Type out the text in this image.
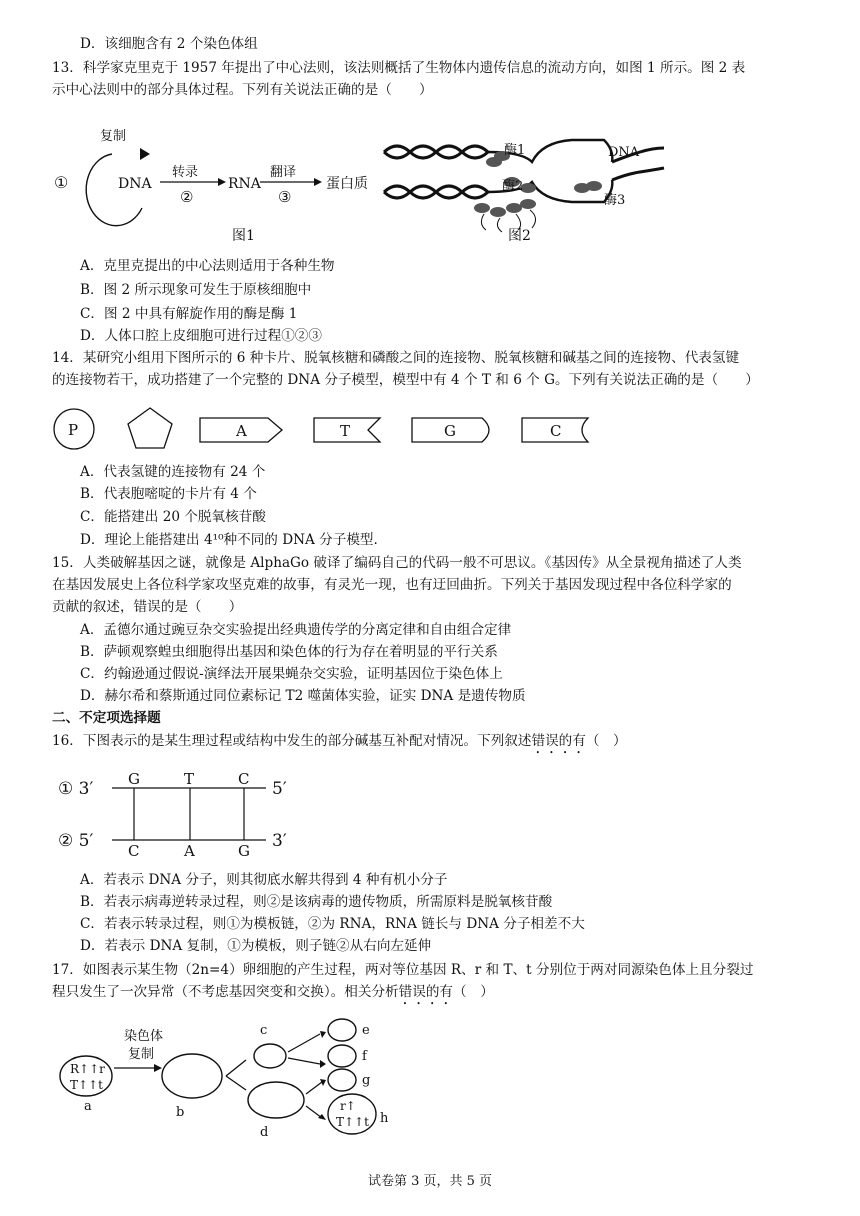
D．该细胞含有 2 个染色体组
13．科学家克里克于 1957 年提出了中心法则，该法则概括了生物体内遗传信息的流动方向，如图 1 所示。图 2 表
示中心法则中的部分具体过程。下列有关说法正确的是（　　）
复制
①	DNA
转录
②
RNA
翻译
③
蛋白质
图1
酶1
酶2
酶3
DNA
图2
A．克里克提出的中心法则适用于各种生物
B．图 2 所示现象可发生于原核细胞中
C．图 2 中具有解旋作用的酶是酶 1
D．人体口腔上皮细胞可进行过程①②③
14．某研究小组用下图所示的 6 种卡片、脱氧核糖和磷酸之间的连接物、脱氧核糖和碱基之间的连接物、代表氢键
的连接物若干，成功搭建了一个完整的 DNA 分子模型，模型中有 4 个 T 和 6 个 G。下列有关说法正确的是（　　）
P	A	T	G	C
A．代表氢键的连接物有 24 个
B．代表胞嘧啶的卡片有 4 个
C．能搭建出 20 个脱氧核苷酸
D．理论上能搭建出 4¹⁰种不同的 DNA 分子模型.
15．人类破解基因之谜，就像是 AlphaGo 破译了编码自己的代码一般不可思议。《基因传》从全景视角描述了人类
在基因发展史上各位科学家攻坚克难的故事，有灵光一现，也有迂回曲折。下列关于基因发现过程中各位科学家的
贡献的叙述，错误的是（　　）
A．孟德尔通过豌豆杂交实验提出经典遗传学的分离定律和自由组合定律
B．萨顿观察蝗虫细胞得出基因和染色体的行为存在着明显的平行关系
C．约翰逊通过假说-演绎法开展果蝇杂交实验，证明基因位于染色体上
D．赫尔希和蔡斯通过同位素标记 T2 噬菌体实验，证实 DNA 是遗传物质
二、不定项选择题
16．下图表示的是某生理过程或结构中发生的部分碱基互补配对情况。下列叙述错误的有（　）
① 3′	5′
② 5′	3′
G	T	C
C	A	G
A．若表示 DNA 分子，则其彻底水解共得到 4 种有机小分子
B．若表示病毒逆转录过程，则②是该病毒的遗传物质，所需原料是脱氧核苷酸
C．若表示转录过程，则①为模板链，②为 RNA，RNA 链长与 DNA 分子相差不大
D．若表示 DNA 复制，①为模板，则子链②从右向左延伸
17．如图表示某生物（2n=4）卵细胞的产生过程，两对等位基因 R、r 和 T、t 分别位于两对同源染色体上且分裂过
程只发生了一次异常（不考虑基因突变和交换）。相关分析错误的有（　）
染色体
复制
R↑↑r
T↑↑t
a	b
c
d
e
f
g
r↑
T↑↑t h
试卷第 3 页，共 5 页
